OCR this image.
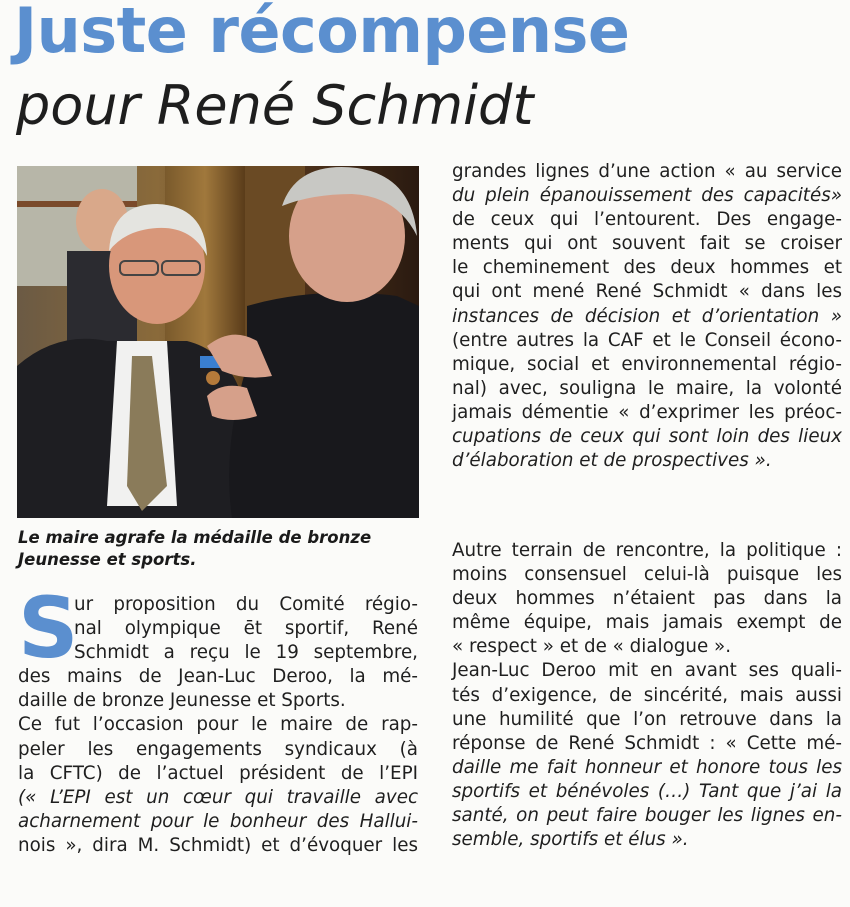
Juste récompense
pour René Schmidt
Le maire agrafe la médaille de bronze
Jeunesse et sports.
S
ur proposition du Comité régio-
nal olympique ēt sportif, René
Schmidt a reçu le 19 septembre,
des mains de Jean-Luc Deroo, la mé-
daille de bronze Jeunesse et Sports.
Ce fut l’occasion pour le maire de rap-
peler les engagements syndicaux (à
la CFTC) de l’actuel président de l’EPI
(« L’EPI est un cœur qui travaille avec
acharnement pour le bonheur des Hallui-
nois », dira M. Schmidt) et d’évoquer les
grandes lignes d’une action « au service
du plein épanouissement des capacités»
de ceux qui l’entourent. Des engage-
ments qui ont souvent fait se croiser
le cheminement des deux hommes et
qui ont mené René Schmidt « dans les
instances de décision et d’orientation »
(entre autres la CAF et le Conseil écono-
mique, social et environnemental régio-
nal) avec, souligna le maire, la volonté
jamais démentie « d’exprimer les préoc-
cupations de ceux qui sont loin des lieux
d’élaboration et de prospectives ».
Autre terrain de rencontre, la politique :
moins consensuel celui-là puisque les
deux hommes n’étaient pas dans la
même équipe, mais jamais exempt de
« respect » et de « dialogue ».
Jean-Luc Deroo mit en avant ses quali-
tés d’exigence, de sincérité, mais aussi
une humilité que l’on retrouve dans la
réponse de René Schmidt : « Cette mé-
daille me fait honneur et honore tous les
sportifs et bénévoles (…) Tant que j’ai la
santé, on peut faire bouger les lignes en-
semble, sportifs et élus ».
